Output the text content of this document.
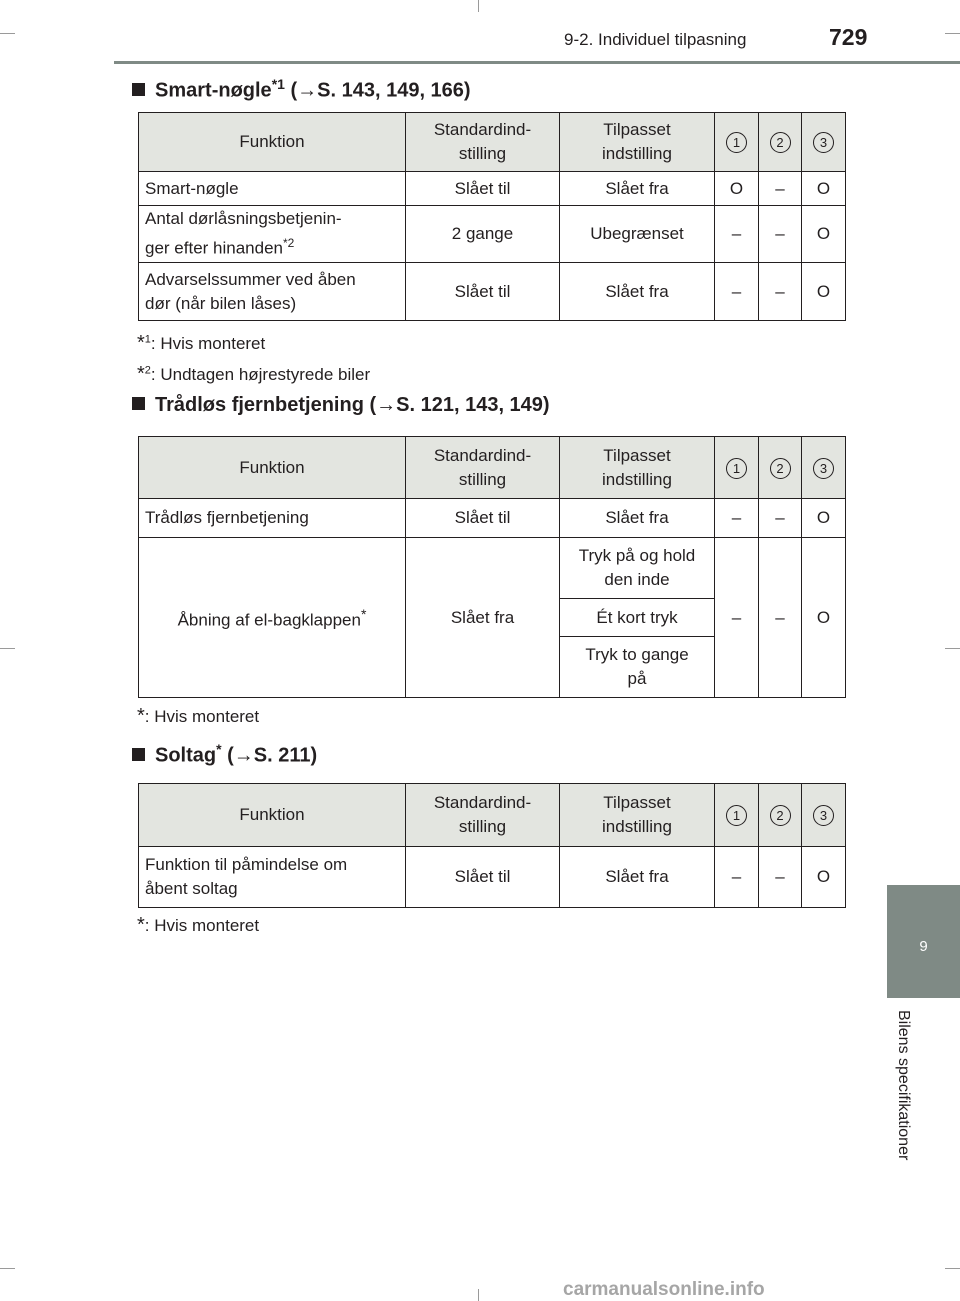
9-2. Individuel tilpasning	729
9
Bilens specifikationer
Smart-nøgle$^{*1}$ (→S. 143, 149, 166)
Funktion	Standardind-
stilling	Tilpasset
indstilling	1	2	3
Smart-nøgle	Slået til	Slået fra	O	–	O
Antal dørlåsningsbetjenin-
ger efter hinanden$^{*2}$	2 gange	Ubegrænset	–	–	O
Advarselssummer ved åben
dør (når bilen låses)	Slået til	Slået fra	–	–	O
*$^1$: Hvis monteret
*$^2$: Undtagen højrestyrede biler
Trådløs fjernbetjening (→S. 121, 143, 149)
Funktion	Standardind-
stilling	Tilpasset
indstilling	1	2	3
Trådløs fjernbetjening	Slået til	Slået fra	–	–	O
Åbning af el-bagklappen*	Slået fra	Tryk på og hold
den inde	–	–	O
		Ét kort tryk			
		Tryk to gange
på			
*: Hvis monteret
Soltag* (→S. 211)
Funktion	Standardind-
stilling	Tilpasset
indstilling	1	2	3
Funktion til påmindelse om
åbent soltag	Slået til	Slået fra	–	–	O
*: Hvis monteret
carmanualsonline.info
